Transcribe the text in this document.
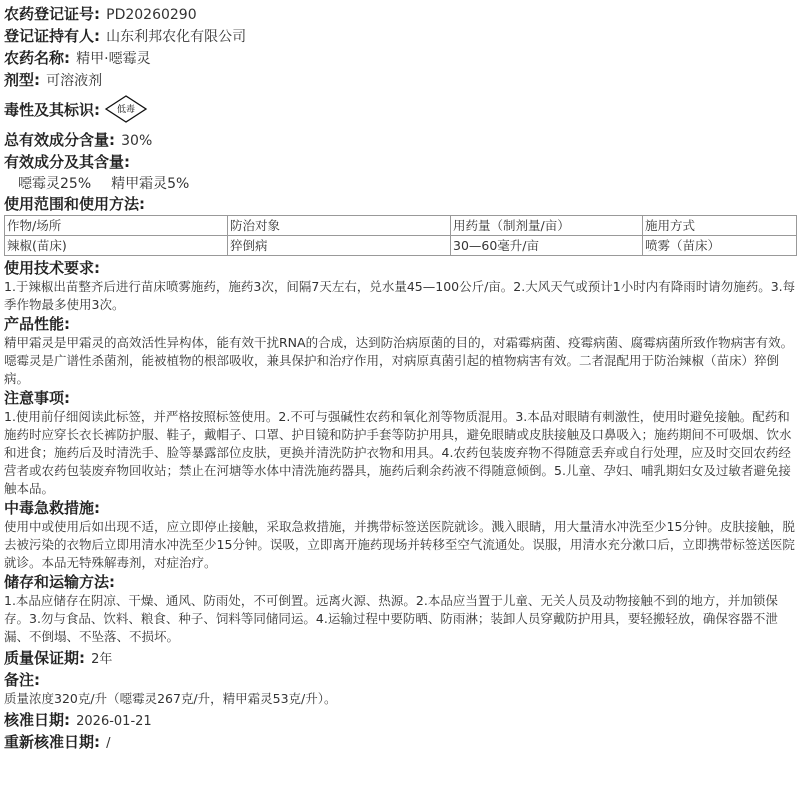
农药登记证号: PD20260290

登记证持有人: 山东利邦农化有限公司

农药名称: 精甲·噁霉灵

剂型: 可溶液剂

毒性及其标识:	低毒

总有效成分含量: 30%

有效成分及其含量:

噁霉灵25% 精甲霜灵5%

使用范围和使用方法:

作物/场所	防治对象	用药量（制剂量/亩）	施用方式
辣椒(苗床)	猝倒病	30—60毫升/亩	喷雾（苗床）

使用技术要求:

1.于辣椒出苗整齐后进行苗床喷雾施药，施药3次，间隔7天左右，兑水量45—100公斤/亩。2.大风天气或预计1小时内有降雨时请勿施药。3.每季作物最多使用3次。

产品性能:

精甲霜灵是甲霜灵的高效活性异构体，能有效干扰RNA的合成，达到防治病原菌的目的，对霜霉病菌、疫霉病菌、腐霉病菌所致作物病害有效。噁霉灵是广谱性杀菌剂，能被植物的根部吸收，兼具保护和治疗作用，对病原真菌引起的植物病害有效。二者混配用于防治辣椒（苗床）猝倒病。

注意事项:

1.使用前仔细阅读此标签，并严格按照标签使用。2.不可与强碱性农药和氧化剂等物质混用。3.本品对眼睛有刺激性，使用时避免接触。配药和施药时应穿长衣长裤防护服、鞋子，戴帽子、口罩、护目镜和防护手套等防护用具，避免眼睛或皮肤接触及口鼻吸入；施药期间不可吸烟、饮水和进食；施药后及时清洗手、脸等暴露部位皮肤，更换并清洗防护衣物和用具。4.农药包装废弃物不得随意丢弃或自行处理，应及时交回农药经营者或农药包装废弃物回收站；禁止在河塘等水体中清洗施药器具，施药后剩余药液不得随意倾倒。5.儿童、孕妇、哺乳期妇女及过敏者避免接触本品。

中毒急救措施:

使用中或使用后如出现不适，应立即停止接触，采取急救措施，并携带标签送医院就诊。溅入眼睛，用大量清水冲洗至少15分钟。皮肤接触，脱去被污染的衣物后立即用清水冲洗至少15分钟。误吸，立即离开施药现场并转移至空气流通处。误服，用清水充分漱口后，立即携带标签送医院就诊。本品无特殊解毒剂，对症治疗。

储存和运输方法:

1.本品应储存在阴凉、干燥、通风、防雨处，不可倒置。远离火源、热源。2.本品应当置于儿童、无关人员及动物接触不到的地方，并加锁保存。3.勿与食品、饮料、粮食、种子、饲料等同储同运。4.运输过程中要防晒、防雨淋；装卸人员穿戴防护用具，要轻搬轻放，确保容器不泄漏、不倒塌、不坠落、不损坏。

质量保证期: 2年

备注:

质量浓度320克/升（噁霉灵267克/升，精甲霜灵53克/升）。

核准日期: 2026-01-21

重新核准日期: /
